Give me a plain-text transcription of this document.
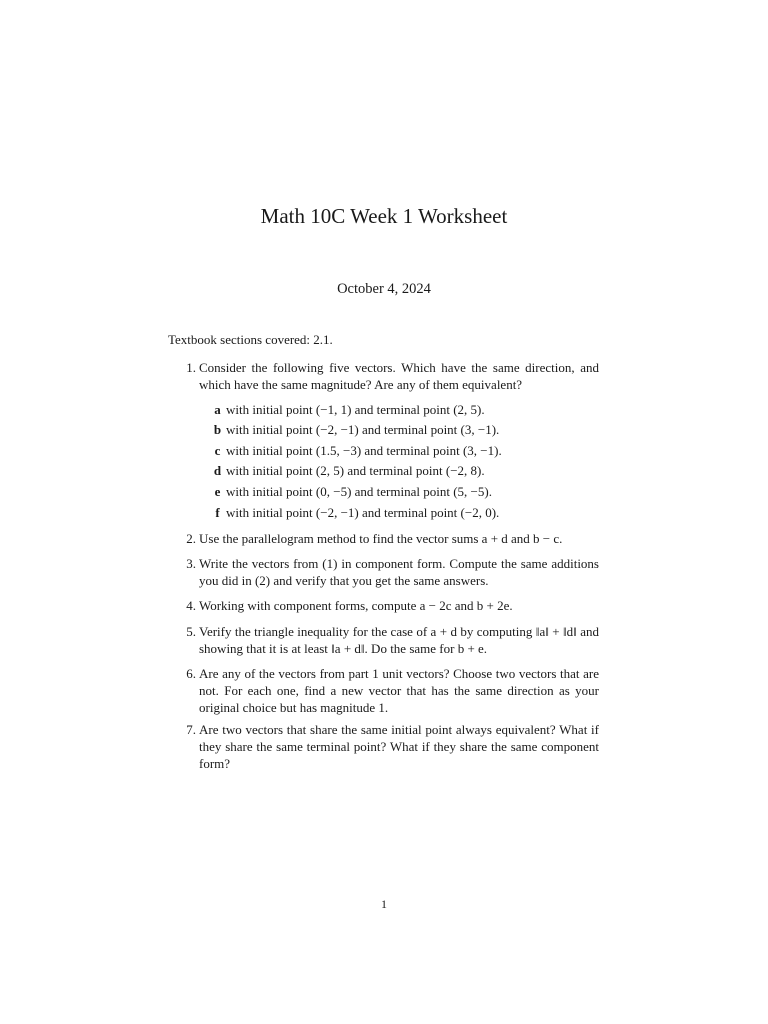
Math 10C Week 1 Worksheet
October 4, 2024
Textbook sections covered: 2.1.
1. Consider the following five vectors. Which have the same direction, and which have the same magnitude? Are any of them equivalent?
a with initial point (−1, 1) and terminal point (2, 5).
b with initial point (−2, −1) and terminal point (3, −1).
c with initial point (1.5, −3) and terminal point (3, −1).
d with initial point (2, 5) and terminal point (−2, 8).
e with initial point (0, −5) and terminal point (5, −5).
f with initial point (−2, −1) and terminal point (−2, 0).
2. Use the parallelogram method to find the vector sums a + d and b − c.
3. Write the vectors from (1) in component form. Compute the same additions you did in (2) and verify that you get the same answers.
4. Working with component forms, compute a − 2c and b + 2e.
5. Verify the triangle inequality for the case of a + d by computing ‖a‖ + ‖d‖ and showing that it is at least ‖a + d‖. Do the same for b + e.
6. Are any of the vectors from part 1 unit vectors? Choose two vectors that are not. For each one, find a new vector that has the same direction as your original choice but has magnitude 1.
7. Are two vectors that share the same initial point always equivalent? What if they share the same terminal point? What if they share the same component form?
1
